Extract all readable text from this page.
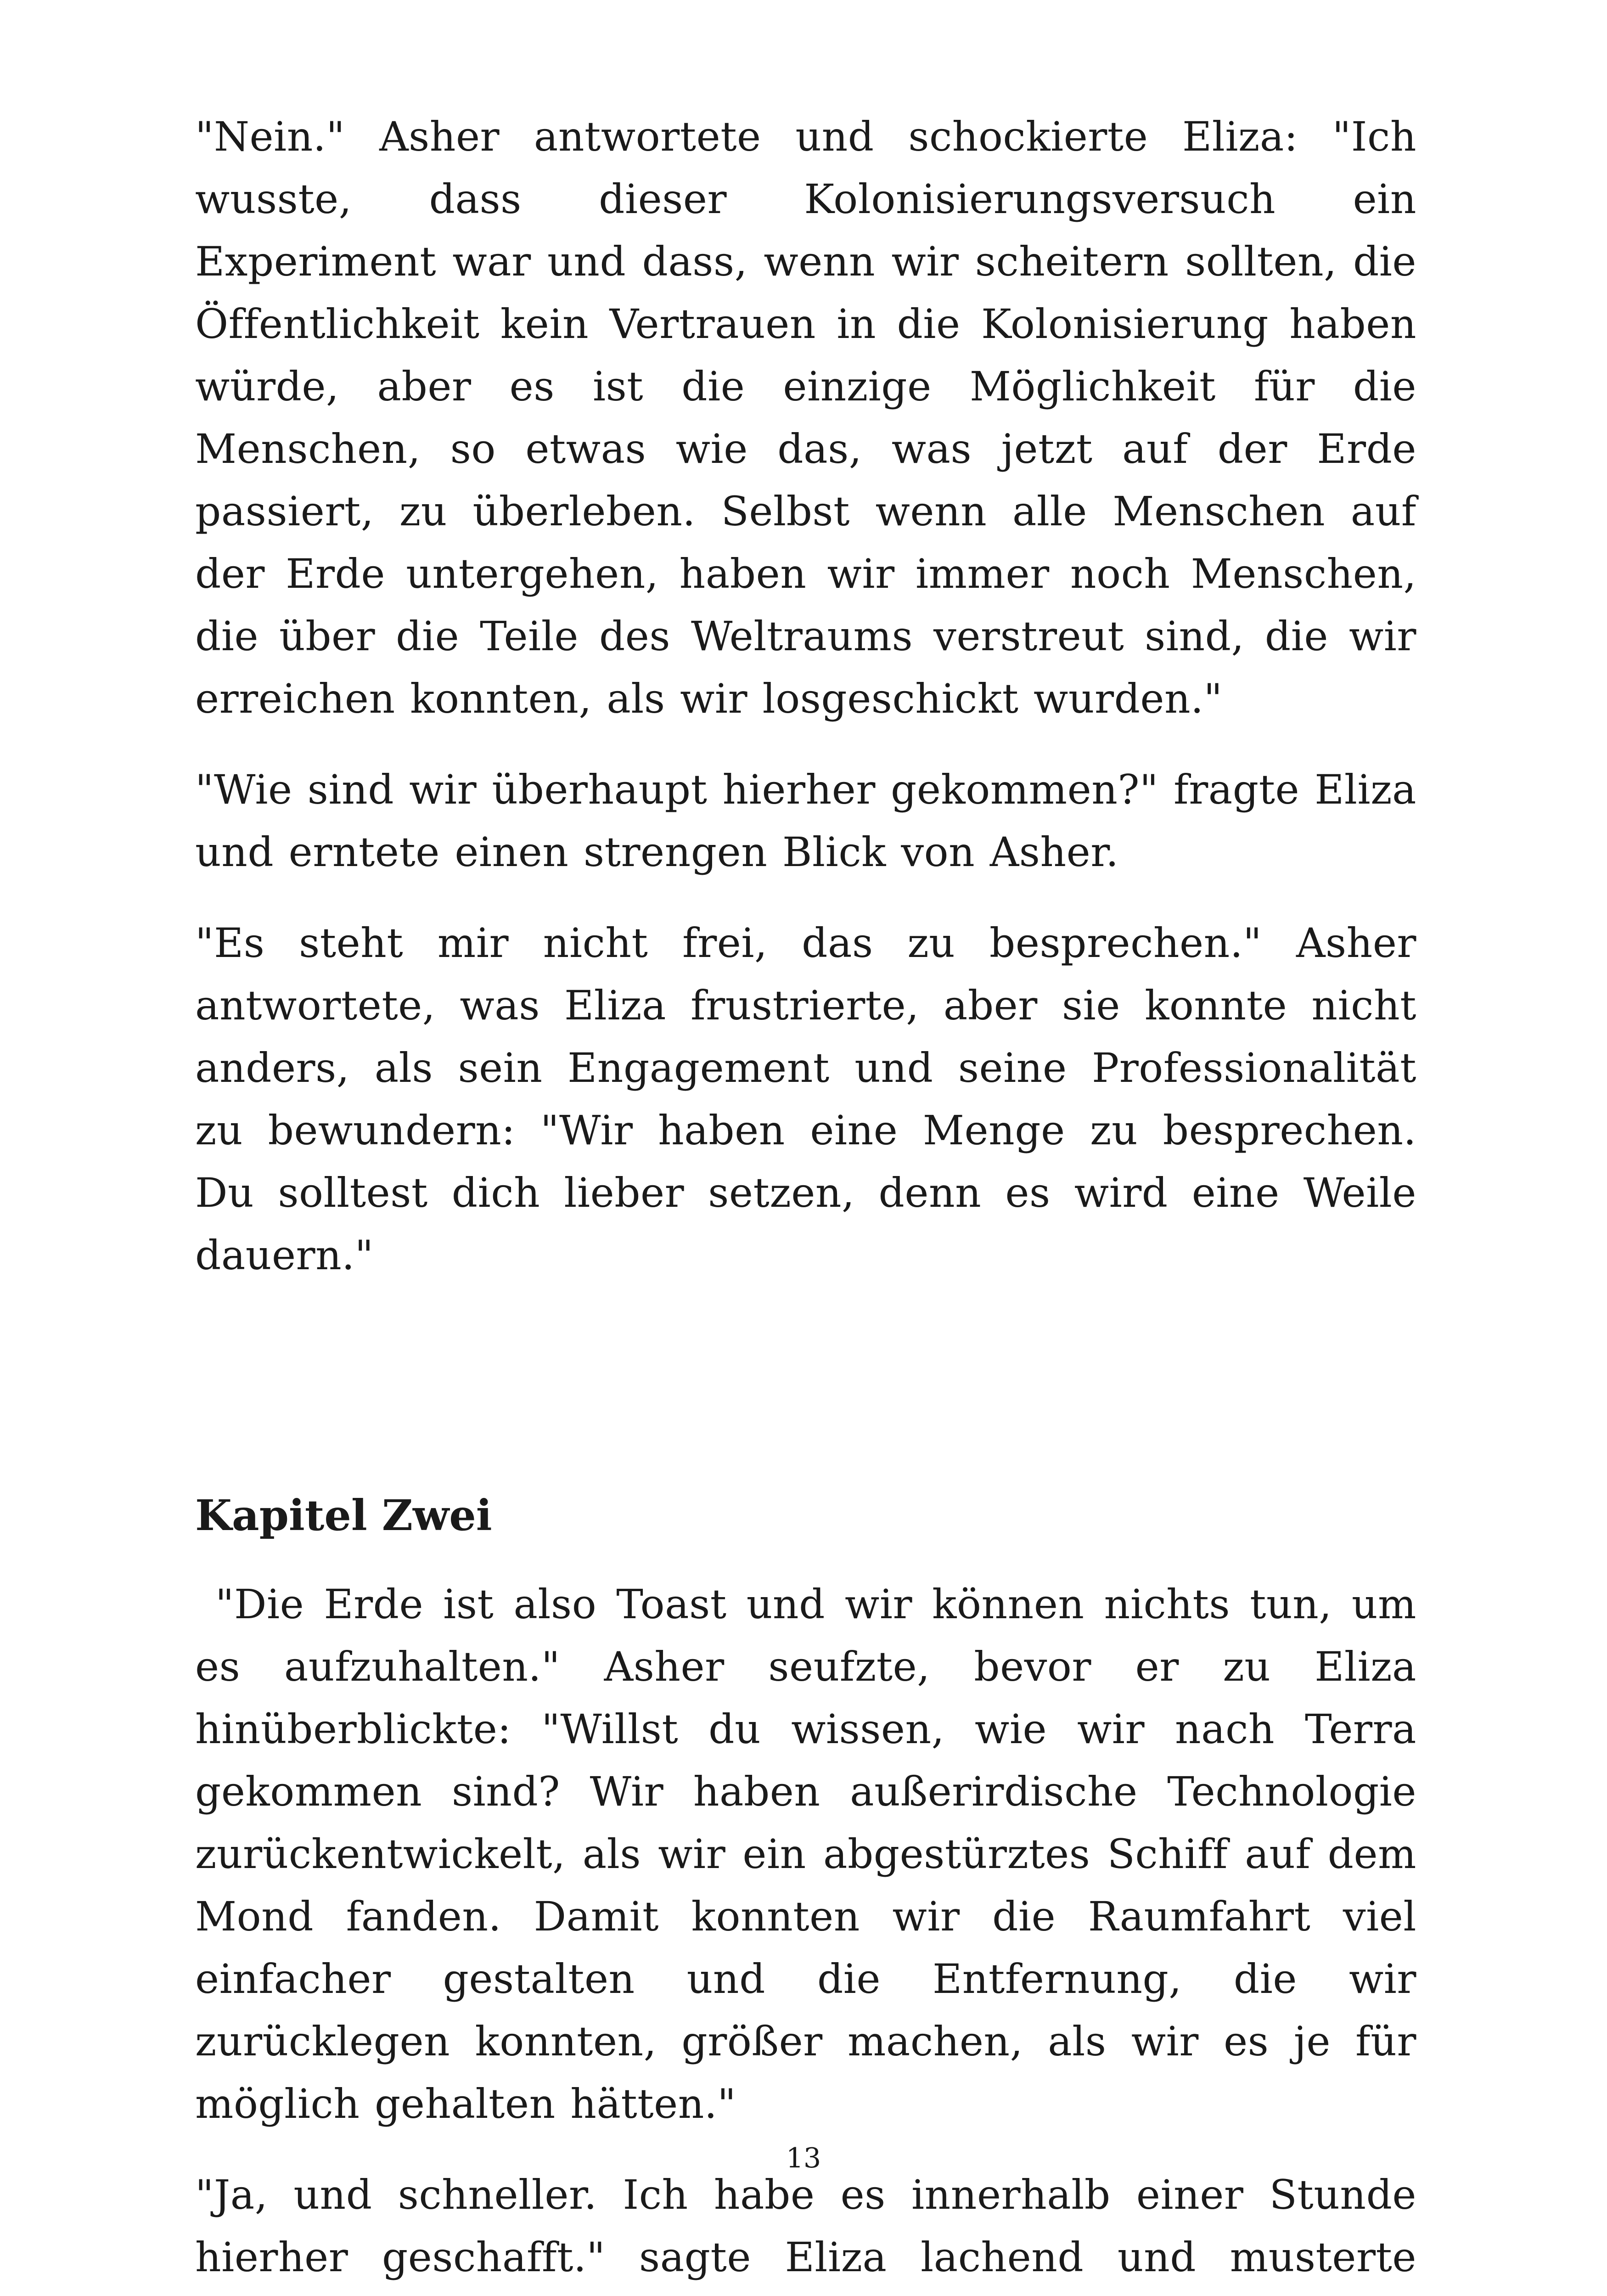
"Nein." Asher antwortete und schockierte Eliza: "Ich wusste, dass dieser Kolonisierungsversuch ein Experiment war und dass, wenn wir scheitern sollten, die Öffentlichkeit kein Vertrauen in die Kolonisierung haben würde, aber es ist die einzige Möglichkeit für die Menschen, so etwas wie das, was jetzt auf der Erde passiert, zu überleben. Selbst wenn alle Menschen auf der Erde untergehen, haben wir immer noch Menschen, die über die Teile des Weltraums verstreut sind, die wir erreichen konnten, als wir losgeschickt wurden."

"Wie sind wir überhaupt hierher gekommen?" fragte Eliza und erntete einen strengen Blick von Asher.

"Es steht mir nicht frei, das zu besprechen." Asher antwortete, was Eliza frustrierte, aber sie konnte nicht anders, als sein Engagement und seine Professionalität zu bewundern: "Wir haben eine Menge zu besprechen. Du solltest dich lieber setzen, denn es wird eine Weile dauern."

Kapitel Zwei

"Die Erde ist also Toast und wir können nichts tun, um es aufzuhalten." Asher seufzte, bevor er zu Eliza hinüberblickte: "Willst du wissen, wie wir nach Terra gekommen sind? Wir haben außerirdische Technologie zurückentwickelt, als wir ein abgestürztes Schiff auf dem Mond fanden. Damit konnten wir die Raumfahrt viel einfacher gestalten und die Entfernung, die wir zurücklegen konnten, größer machen, als wir es je für möglich gehalten hätten."

"Ja, und schneller. Ich habe es innerhalb einer Stunde hierher geschafft." sagte Eliza lachend und musterte

13
